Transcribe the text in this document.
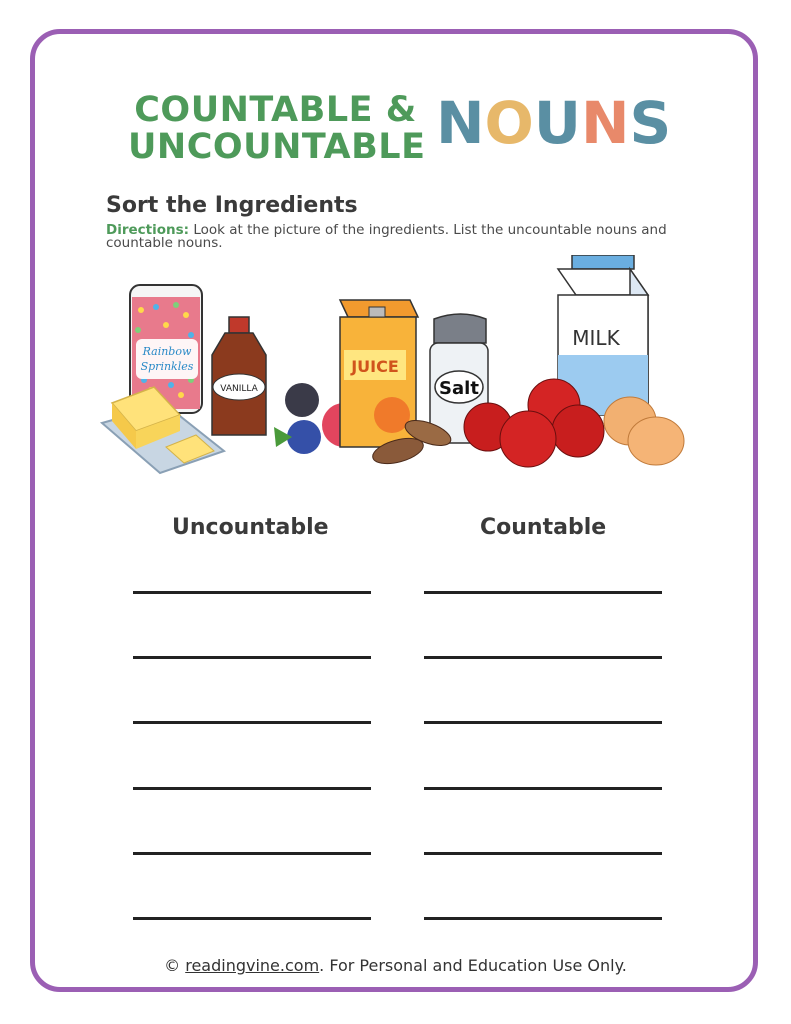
COUNTABLE &
UNCOUNTABLE N O U N S
Sort the Ingredients
Directions: Look at the picture of the ingredients. List the uncountable nouns and countable nouns.
Rainbow
Sprinkles
VANILLA
JUICE
Salt
MILK
Uncountable	Countable
© readingvine.com. For Personal and Education Use Only.
